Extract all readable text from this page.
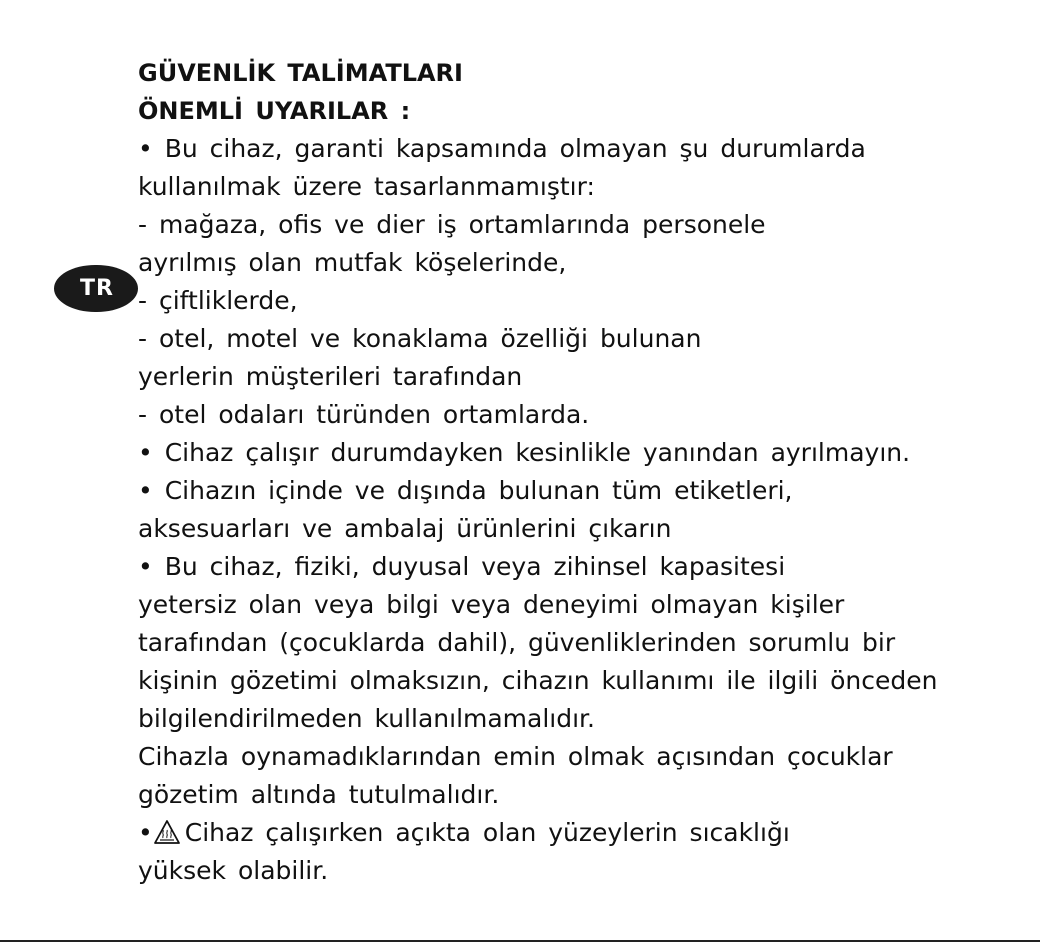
TR
GÜVENLİK TALİMATLARI
ÖNEMLİ UYARILAR :
• Bu cihaz, garanti kapsamında olmayan şu durumlarda
kullanılmak üzere tasarlanmamıştır:
- mağaza, ofis ve dier iş ortamlarında personele
ayrılmış olan mutfak köşelerinde,
- çiftliklerde,
- otel, motel ve konaklama özelliği bulunan
yerlerin müşterileri tarafından
- otel odaları türünden ortamlarda.
• Cihaz çalışır durumdayken kesinlikle yanından ayrılmayın.
• Cihazın içinde ve dışında bulunan tüm etiketleri,
aksesuarları ve ambalaj ürünlerini çıkarın
• Bu cihaz, fiziki, duyusal veya zihinsel kapasitesi
yetersiz olan veya bilgi veya deneyimi olmayan kişiler
tarafından (çocuklarda dahil), güvenliklerinden sorumlu bir
kişinin gözetimi olmaksızın, cihazın kullanımı ile ilgili önceden
bilgilendirilmeden kullanılmamalıdır.
Cihazla oynamadıklarından emin olmak açısından çocuklar
gözetim altında tutulmalıdır.
• Cihaz çalışırken açıkta olan yüzeylerin sıcaklığı
yüksek olabilir.
